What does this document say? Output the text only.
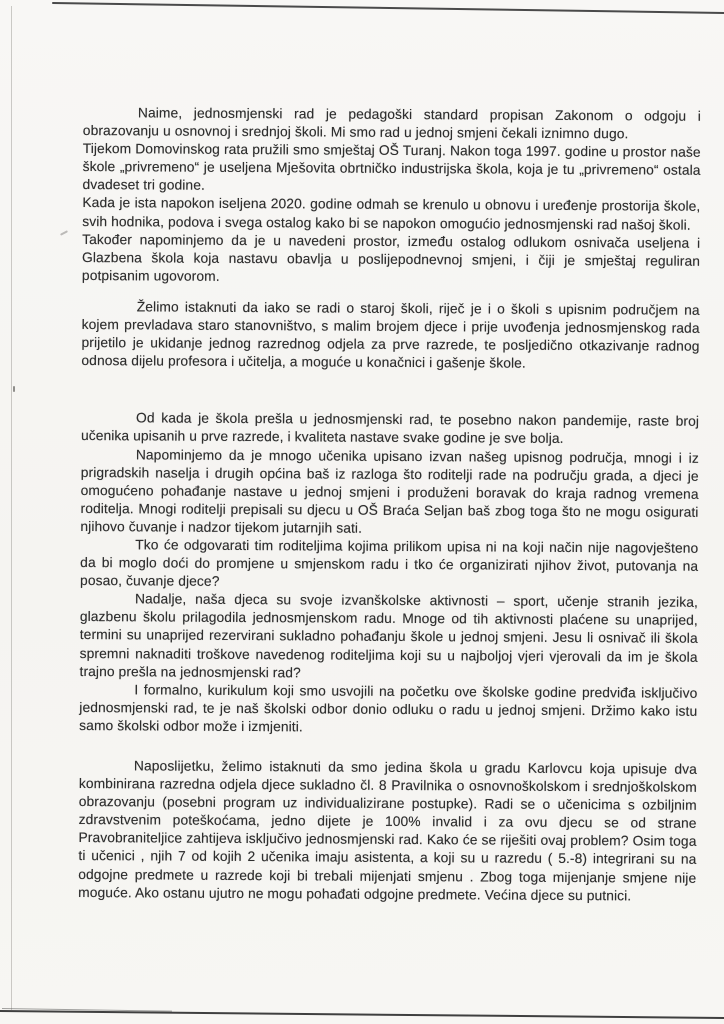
Naime, jednosmjenski rad je pedagoški standard propisan Zakonom o odgoju i obrazovanju u osnovnoj i srednjoj školi. Mi smo rad u jednoj smjeni čekali iznimno dugo.

Tijekom Domovinskog rata pružili smo smještaj OŠ Turanj. Nakon toga 1997. godine u prostor naše škole „privremeno“ je useljena Mješovita obrtničko industrijska škola, koja je tu „privremeno“ ostala dvadeset tri godine.

Kada je ista napokon iseljena 2020. godine odmah se krenulo u obnovu i uređenje prostorija škole, svih hodnika, podova i svega ostalog kako bi se napokon omogućio jednosmjenski rad našoj školi.

Također napominjemo da je u navedeni prostor, između ostalog odlukom osnivača useljena i Glazbena škola koja nastavu obavlja u poslijepodnevnoj smjeni, i čiji je smještaj reguliran potpisanim ugovorom.

Želimo istaknuti da iako se radi o staroj školi, riječ je i o školi s upisnim područjem na kojem prevladava staro stanovništvo, s malim brojem djece i prije uvođenja jednosmjenskog rada prijetilo je ukidanje jednog razrednog odjela za prve razrede, te posljedično otkazivanje radnog odnosa dijelu profesora i učitelja, a moguće u konačnici i gašenje škole.

Od kada je škola prešla u jednosmjenski rad, te posebno nakon pandemije, raste broj učenika upisanih u prve razrede, i kvaliteta nastave svake godine je sve bolja.

Napominjemo da je mnogo učenika upisano izvan našeg upisnog područja, mnogi i iz prigradskih naselja i drugih općina baš iz razloga što roditelji rade na području grada, a djeci je omogućeno pohađanje nastave u jednoj smjeni i produženi boravak do kraja radnog vremena roditelja. Mnogi roditelji prepisali su djecu u OŠ Braća Seljan baš zbog toga što ne mogu osigurati njihovo čuvanje i nadzor tijekom jutarnjih sati.

Tko će odgovarati tim roditeljima kojima prilikom upisa ni na koji način nije nagovješteno da bi moglo doći do promjene u smjenskom radu i tko će organizirati njihov život, putovanja na posao, čuvanje djece?

Nadalje, naša djeca su svoje izvanškolske aktivnosti – sport, učenje stranih jezika, glazbenu školu prilagodila jednosmjenskom radu. Mnoge od tih aktivnosti plaćene su unaprijed, termini su unaprijed rezervirani sukladno pohađanju škole u jednoj smjeni. Jesu li osnivač ili škola spremni naknaditi troškove navedenog roditeljima koji su u najboljoj vjeri vjerovali da im je škola trajno prešla na jednosmjenski rad?

I formalno, kurikulum koji smo usvojili na početku ove školske godine predviđa isključivo jednosmjenski rad, te je naš školski odbor donio odluku o radu u jednoj smjeni. Držimo kako istu samo školski odbor može i izmjeniti.

Naposlijetku, želimo istaknuti da smo jedina škola u gradu Karlovcu koja upisuje dva kombinirana razredna odjela djece sukladno čl. 8 Pravilnika o osnovnoškolskom i srednjoškolskom obrazovanju (posebni program uz individualizirane postupke). Radi se o učenicima s ozbiljnim zdravstvenim poteškoćama, jedno dijete je 100% invalid i za ovu djecu se od strane Pravobraniteljice zahtijeva isključivo jednosmjenski rad. Kako će se riješiti ovaj problem? Osim toga ti učenici , njih 7 od kojih 2 učenika imaju asistenta, a koji su u razredu ( 5.-8) integrirani su na odgojne predmete u razrede koji bi trebali mijenjati smjenu . Zbog toga mijenjanje smjene nije moguće. Ako ostanu ujutro ne mogu pohađati odgojne predmete. Većina djece su putnici.
